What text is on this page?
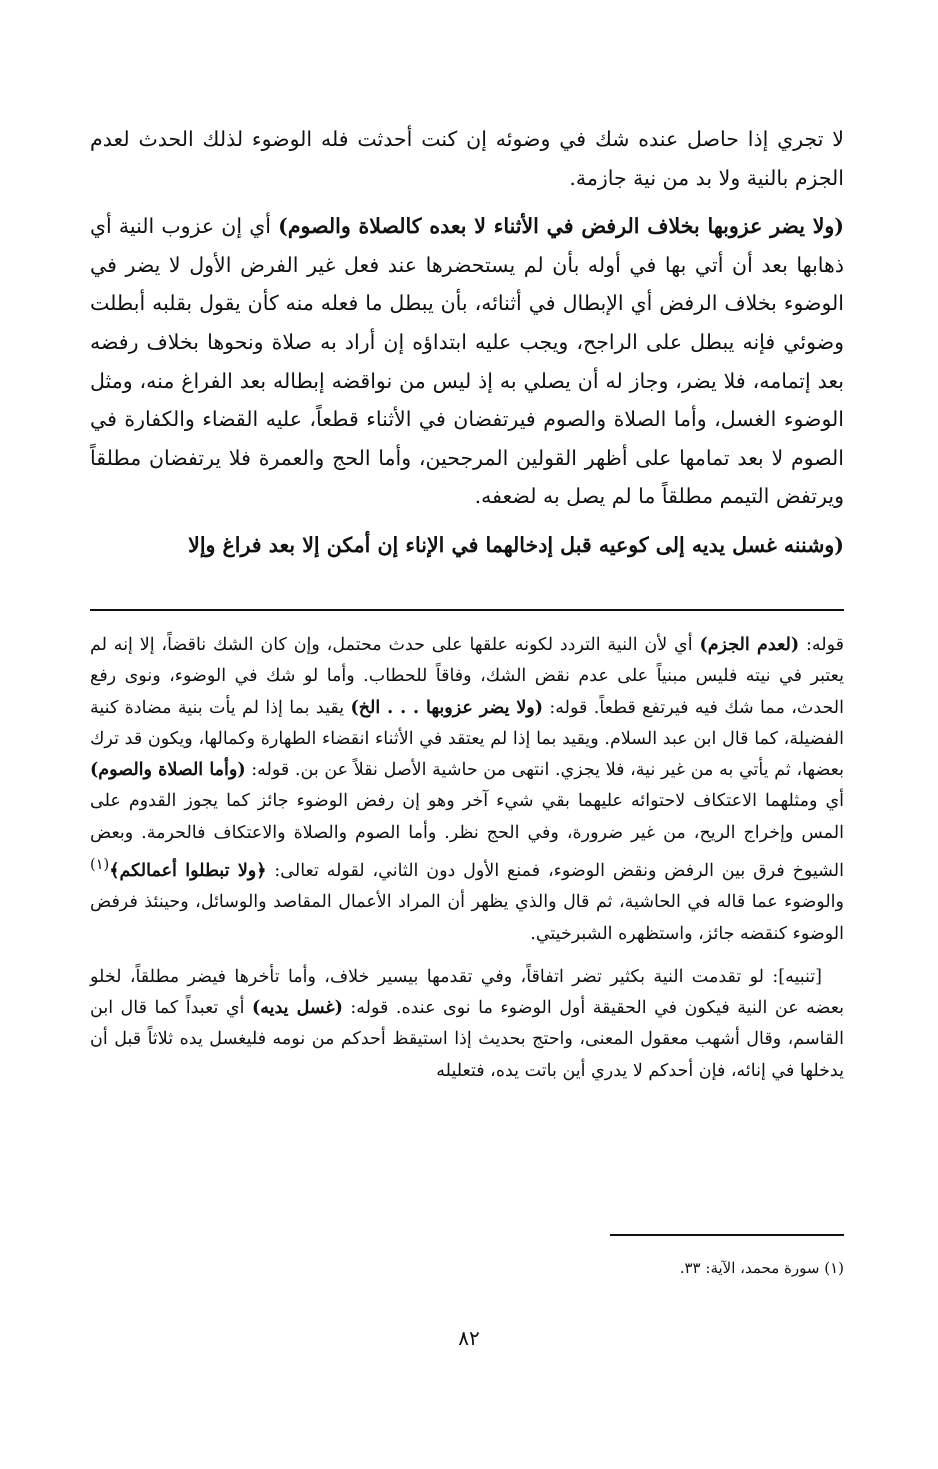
لا تجري إذا حاصل عنده شك في وضوئه إن كنت أحدثت فله الوضوء لذلك الحدث لعدم الجزم بالنية ولا بد من نية جازمة.

(ولا يضر عزوبها بخلاف الرفض في الأثناء لا بعده كالصلاة والصوم) أي إن عزوب النية أي ذهابها بعد أن أتي بها في أوله بأن لم يستحضرها عند فعل غير الفرض الأول لا يضر في الوضوء بخلاف الرفض أي الإبطال في أثنائه، بأن يبطل ما فعله منه كأن يقول بقلبه أبطلت وضوئي فإنه يبطل على الراجح، ويجب عليه ابتداؤه إن أراد به صلاة ونحوها بخلاف رفضه بعد إتمامه، فلا يضر، وجاز له أن يصلي به إذ ليس من نواقضه إبطاله بعد الفراغ منه، ومثل الوضوء الغسل، وأما الصلاة والصوم فيرتفضان في الأثناء قطعاً، عليه القضاء والكفارة في الصوم لا بعد تمامها على أظهر القولين المرجحين، وأما الحج والعمرة فلا يرتفضان مطلقاً ويرتفض التيمم مطلقاً ما لم يصل به لضعفه.

(وشننه غسل يديه إلى كوعيه قبل إدخالهما في الإناء إن أمكن إلا بعد فراغ وإلا

قوله: (لعدم الجزم) أي لأن النية التردد لكونه علقها على حدث محتمل، وإن كان الشك ناقضاً، إلا إنه لم يعتبر في نيته فليس مبنياً على عدم نقض الشك، وفاقاً للحطاب. وأما لو شك في الوضوء، ونوى رفع الحدث، مما شك فيه فيرتفع قطعاً. قوله: (ولا يضر عزوبها . . . الخ) يقيد بما إذا لم يأت بنية مضادة كنية الفضيلة، كما قال ابن عبد السلام. ويقيد بما إذا لم يعتقد في الأثناء انقضاء الطهارة وكمالها، ويكون قد ترك بعضها، ثم يأتي به من غير نية، فلا يجزي. انتهى من حاشية الأصل نقلاً عن بن. قوله: (وأما الصلاة والصوم) أي ومثلهما الاعتكاف لاحتوائه عليهما بقي شيء آخر وهو إن رفض الوضوء جائز كما يجوز القدوم على المس وإخراج الريح، من غير ضرورة، وفي الحج نظر. وأما الصوم والصلاة والاعتكاف فالحرمة. وبعض الشيوخ فرق بين الرفض ونقض الوضوء، فمنع الأول دون الثاني، لقوله تعالى: ﴿ولا تبطلوا أعمالكم﴾$^{(١)}$ والوضوء عما قاله في الحاشية، ثم قال والذي يظهر أن المراد الأعمال المقاصد والوسائل، وحينئذ فرفض الوضوء كنقضه جائز، واستظهره الشبرخيتي.

[تنبيه]: لو تقدمت النية بكثير تضر اتفاقاً، وفي تقدمها بيسير خلاف، وأما تأخرها فيضر مطلقاً، لخلو بعضه عن النية فيكون في الحقيقة أول الوضوء ما نوى عنده. قوله: (غسل يديه) أي تعبداً كما قال ابن القاسم، وقال أشهب معقول المعنى، واحتج بحديث إذا استيقظ أحدكم من نومه فليغسل يده ثلاثاً قبل أن يدخلها في إنائه، فإن أحدكم لا يدري أين باتت يده، فتعليله

(١) سورة محمد، الآية: ٣٣.
٨٢
